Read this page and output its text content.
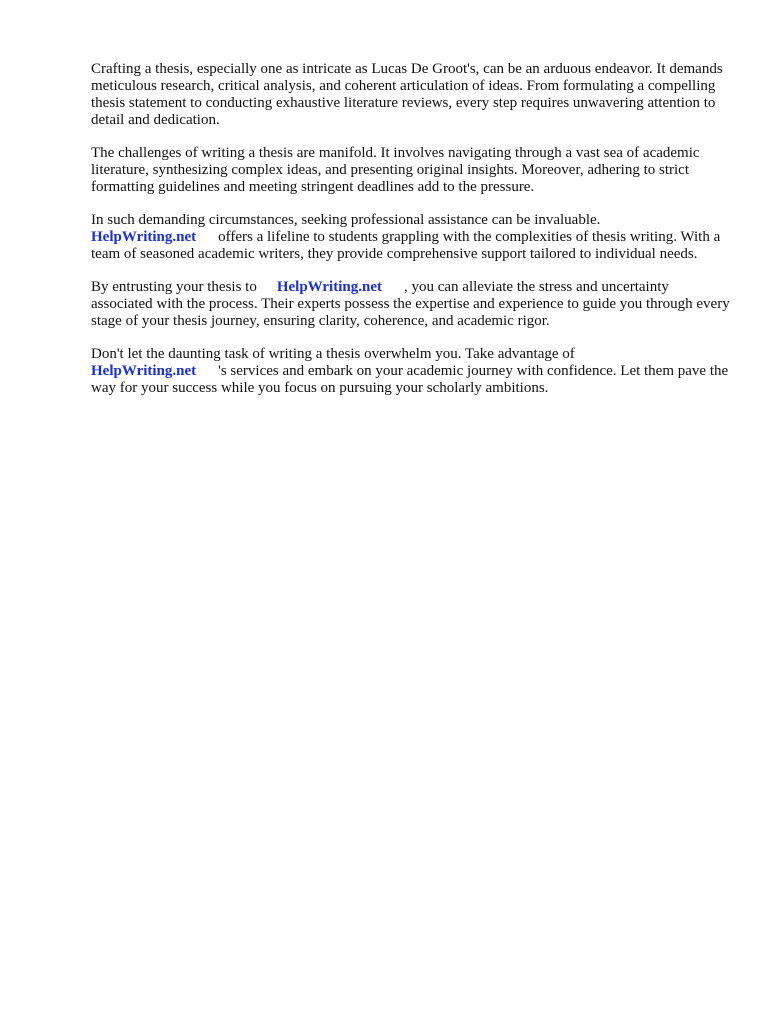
Crafting a thesis, especially one as intricate as Lucas De Groot's, can be an arduous endeavor. It demands meticulous research, critical analysis, and coherent articulation of ideas. From formulating a compelling thesis statement to conducting exhaustive literature reviews, every step requires unwavering attention to detail and dedication.

The challenges of writing a thesis are manifold. It involves navigating through a vast sea of academic literature, synthesizing complex ideas, and presenting original insights. Moreover, adhering to strict formatting guidelines and meeting stringent deadlines add to the pressure.

In such demanding circumstances, seeking professional assistance can be invaluable.
HelpWriting.net offers a lifeline to students grappling with the complexities of thesis writing. With a team of seasoned academic writers, they provide comprehensive support tailored to individual needs.

By entrusting your thesis to HelpWriting.net , you can alleviate the stress and uncertainty associated with the process. Their experts possess the expertise and experience to guide you through every stage of your thesis journey, ensuring clarity, coherence, and academic rigor.

Don't let the daunting task of writing a thesis overwhelm you. Take advantage of
HelpWriting.net 's services and embark on your academic journey with confidence. Let them pave the way for your success while you focus on pursuing your scholarly ambitions.
